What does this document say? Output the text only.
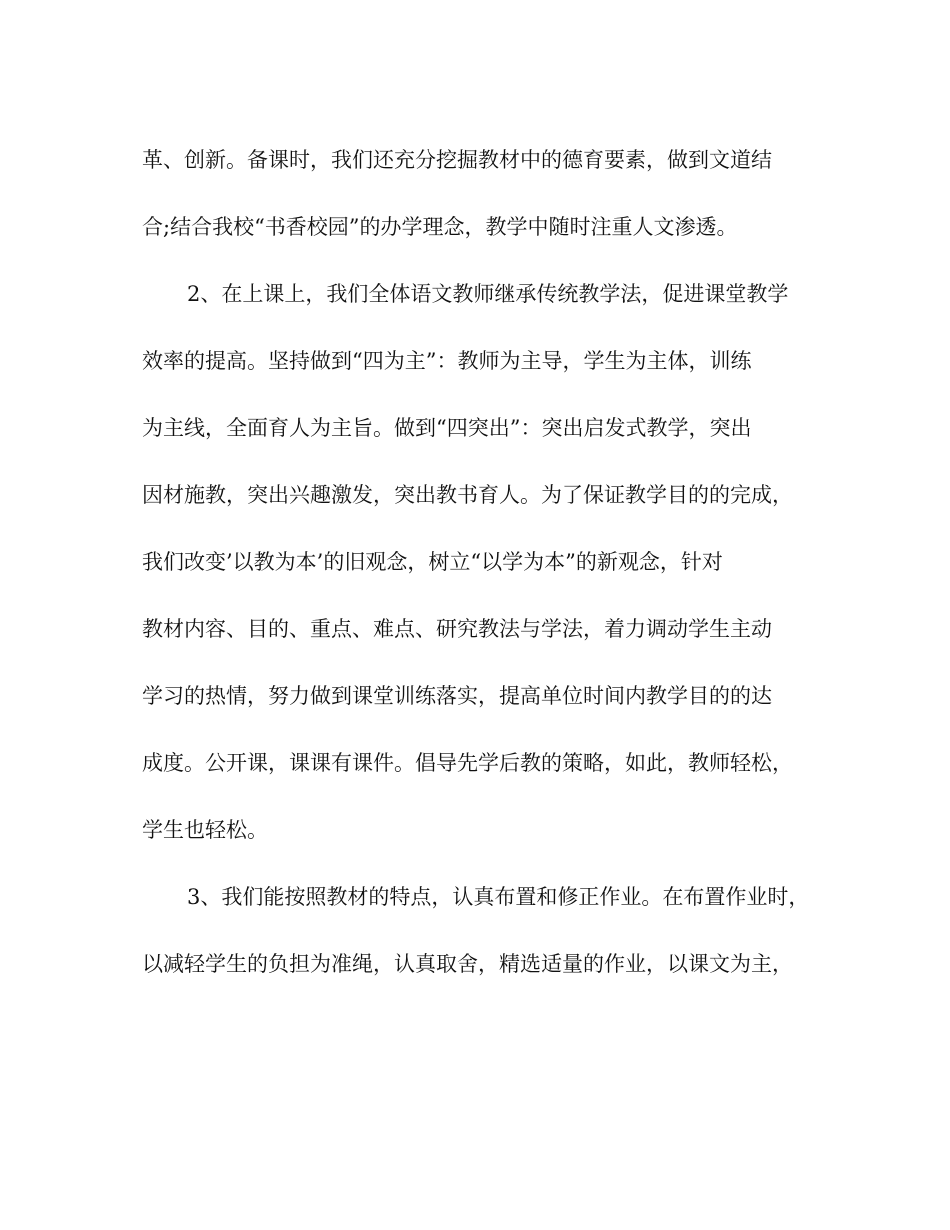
革、创新。备课时，我们还充分挖掘教材中的德育要素，做到文道结
合;结合我校“书香校园”的办学理念，教学中随时注重人文渗透。
2、在上课上，我们全体语文教师继承传统教学法，促进课堂教学
效率的提高。坚持做到“四为主”：教师为主导，学生为主体，训练
为主线，全面育人为主旨。做到“四突出”：突出启发式教学，突出
因材施教，突出兴趣激发，突出教书育人。为了保证教学目的的完成，
我们改变’以教为本’的旧观念，树立“以学为本”的新观念，针对
教材内容、目的、重点、难点、研究教法与学法，着力调动学生主动
学习的热情，努力做到课堂训练落实，提高单位时间内教学目的的达
成度。公开课，课课有课件。倡导先学后教的策略，如此，教师轻松，
学生也轻松。
3、我们能按照教材的特点，认真布置和修正作业。在布置作业时，
以减轻学生的负担为准绳，认真取舍，精选适量的作业，以课文为主，
